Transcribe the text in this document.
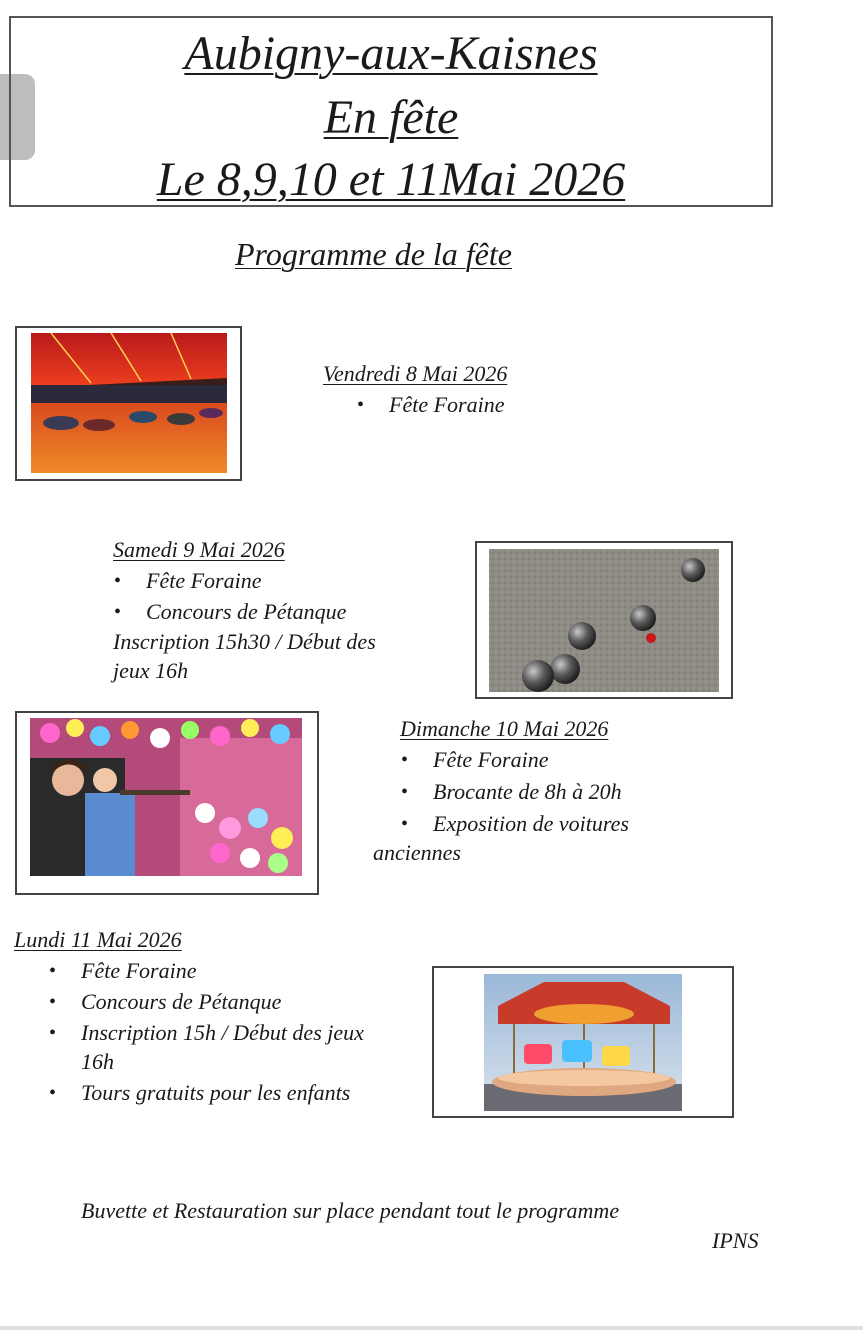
Aubigny-aux-Kaisnes
En fête
Le 8,9,10 et 11Mai 2026
Programme de la fête
Vendredi 8 Mai 2026
• Fête Foraine
Samedi 9 Mai 2026
• Fête Foraine
• Concours de Pétanque
Inscription 15h30 / Début des
jeux 16h
Dimanche 10 Mai 2026
• Fête Foraine
• Brocante de 8h à 20h
• Exposition de voitures
anciennes
Lundi 11 Mai 2026
• Fête Foraine
• Concours de Pétanque
• Inscription 15h / Début des jeux
16h
• Tours gratuits pour les enfants
Buvette et Restauration sur place pendant tout le programme
IPNS
